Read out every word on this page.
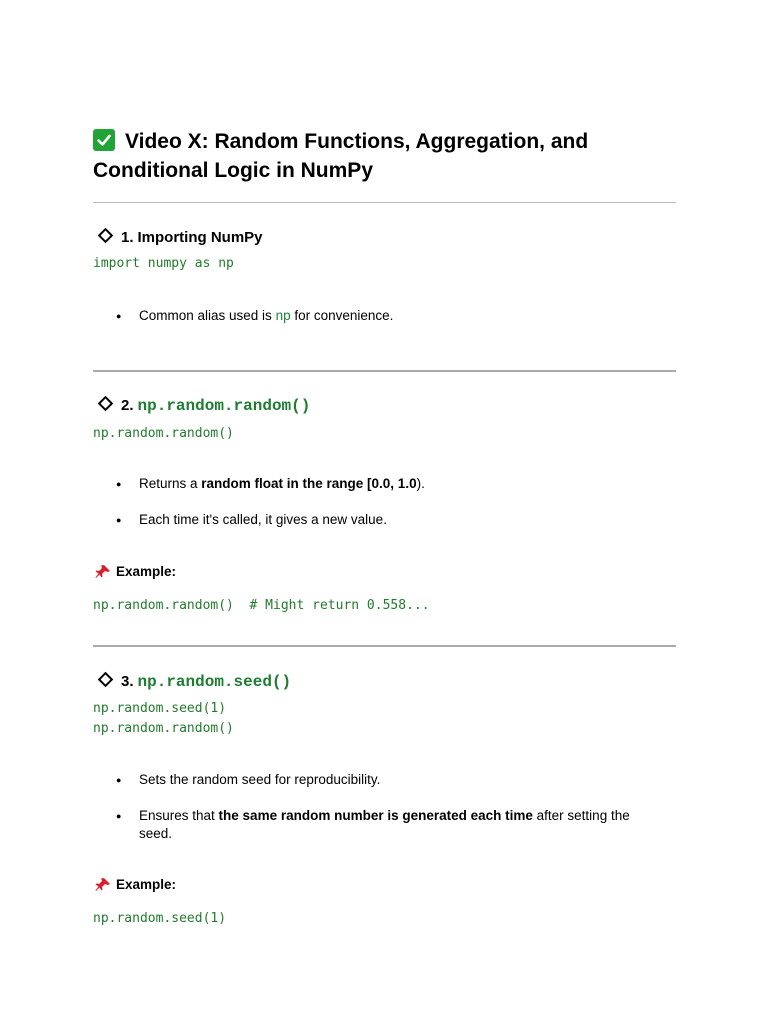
Video X: Random Functions, Aggregation, and Conditional Logic in NumPy
1. Importing NumPy
import numpy as np
● Common alias used is np for convenience.
2. np.random.random()
np.random.random()
● Returns a random float in the range [0.0, 1.0).
● Each time it's called, it gives a new value.

Example:

np.random.random()  # Might return 0.558...
3. np.random.seed()
np.random.seed(1)
np.random.random()
● Sets the random seed for reproducibility.
● Ensures that the same random number is generated each time after setting the seed.

Example:

np.random.seed(1)
